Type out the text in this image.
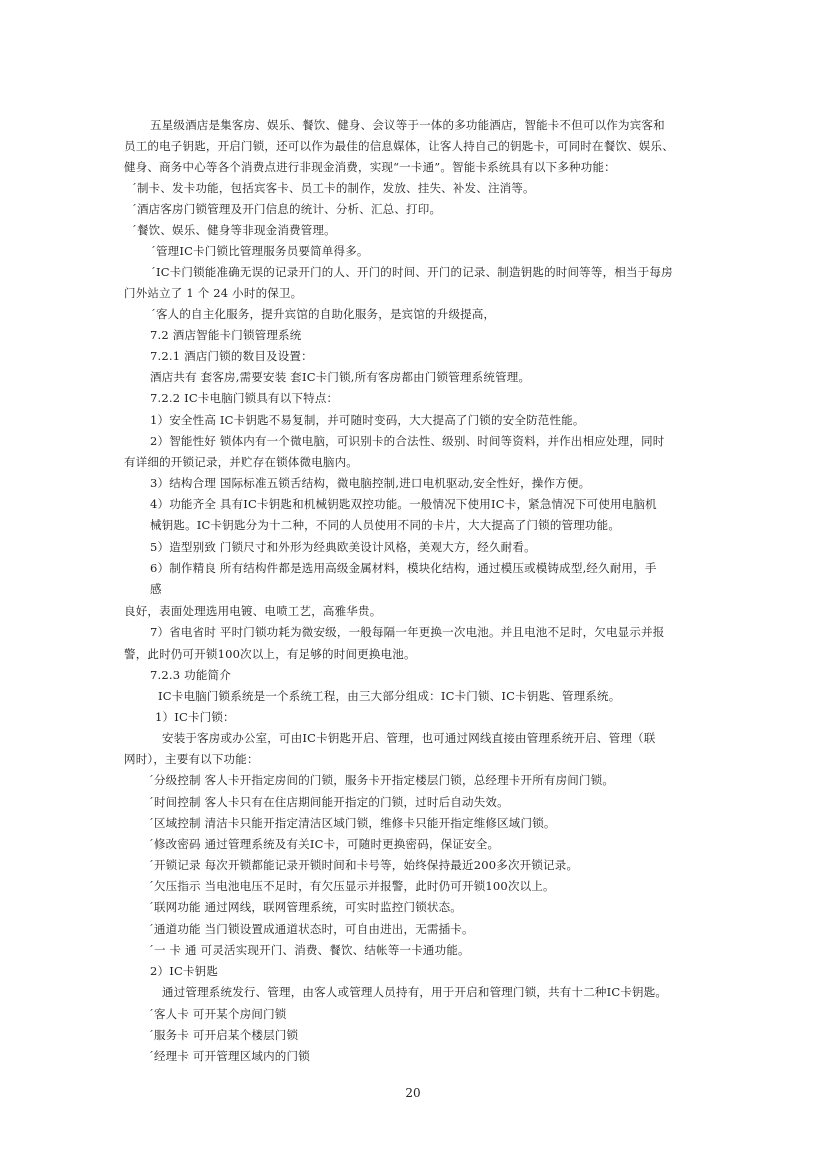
五星级酒店是集客房、娱乐、餐饮、健身、会议等于一体的多功能酒店，智能卡不但可以作为宾客和
员工的电子钥匙，开启门锁，还可以作为最佳的信息媒体，让客人持自己的钥匙卡，可同时在餐饮、娱乐、
健身、商务中心等各个消费点进行非现金消费，实现“一卡通”。智能卡系统具有以下多种功能：
´制卡、发卡功能，包括宾客卡、员工卡的制作，发放、挂失、补发、注消等。
´酒店客房门锁管理及开门信息的统计、分析、汇总、打印。
´餐饮、娱乐、健身等非现金消费管理。
´管理IC卡门锁比管理服务员要简单得多。
´IC卡门锁能准确无误的记录开门的人、开门的时间、开门的记录、制造钥匙的时间等等，相当于每房
门外站立了 1 个 24 小时的保卫。
´客人的自主化服务，提升宾馆的自助化服务，是宾馆的升级提高，
7.2 酒店智能卡门锁管理系统
7.2.1 酒店门锁的数目及设置：
酒店共有 套客房,需要安装 套IC卡门锁,所有客房都由门锁管理系统管理。
7.2.2 IC卡电脑门锁具有以下特点：
1）安全性高 IC卡钥匙不易复制，并可随时变码，大大提高了门锁的安全防范性能。
2）智能性好 锁体内有一个微电脑，可识别卡的合法性、级别、时间等资料，并作出相应处理，同时
有详细的开锁记录，并贮存在锁体微电脑内。
3）结构合理 国际标准五锁舌结构，微电脑控制,进口电机驱动,安全性好，操作方便。
4）功能齐全 具有IC卡钥匙和机械钥匙双控功能。一般情况下使用IC卡，紧急情况下可使用电脑机
械钥匙。IC卡钥匙分为十二种，不同的人员使用不同的卡片，大大提高了门锁的管理功能。
5）造型别致 门锁尺寸和外形为经典欧美设计风格，美观大方，经久耐看。
6）制作精良 所有结构件都是选用高级金属材料，模块化结构，通过模压或模铸成型,经久耐用，手
感
良好，表面处理选用电镀、电喷工艺，高雅华贵。
7）省电省时 平时门锁功耗为微安级，一般每隔一年更换一次电池。并且电池不足时，欠电显示并报
警，此时仍可开锁100次以上，有足够的时间更换电池。
7.2.3 功能简介
IC卡电脑门锁系统是一个系统工程，由三大部分组成：IC卡门锁、IC卡钥匙、管理系统。
1）IC卡门锁：
安装于客房或办公室，可由IC卡钥匙开启、管理，也可通过网线直接由管理系统开启、管理（联
网时），主要有以下功能：
´分级控制 客人卡开指定房间的门锁，服务卡开指定楼层门锁，总经理卡开所有房间门锁。
´时间控制 客人卡只有在住店期间能开指定的门锁，过时后自动失效。
´区域控制 清洁卡只能开指定清洁区域门锁，维修卡只能开指定维修区域门锁。
´修改密码 通过管理系统及有关IC卡，可随时更换密码，保证安全。
´开锁记录 每次开锁都能记录开锁时间和卡号等，始终保持最近200多次开锁记录。
´欠压指示 当电池电压不足时，有欠压显示并报警，此时仍可开锁100次以上。
´联网功能 通过网线，联网管理系统，可实时监控门锁状态。
´通道功能 当门锁设置成通道状态时，可自由进出，无需插卡。
´一 卡 通 可灵活实现开门、消费、餐饮、结帐等一卡通功能。
2）IC卡钥匙
通过管理系统发行、管理，由客人或管理人员持有，用于开启和管理门锁，共有十二种IC卡钥匙。
´客人卡 可开某个房间门锁
´服务卡 可开启某个楼层门锁
´经理卡 可开管理区域内的门锁
20
